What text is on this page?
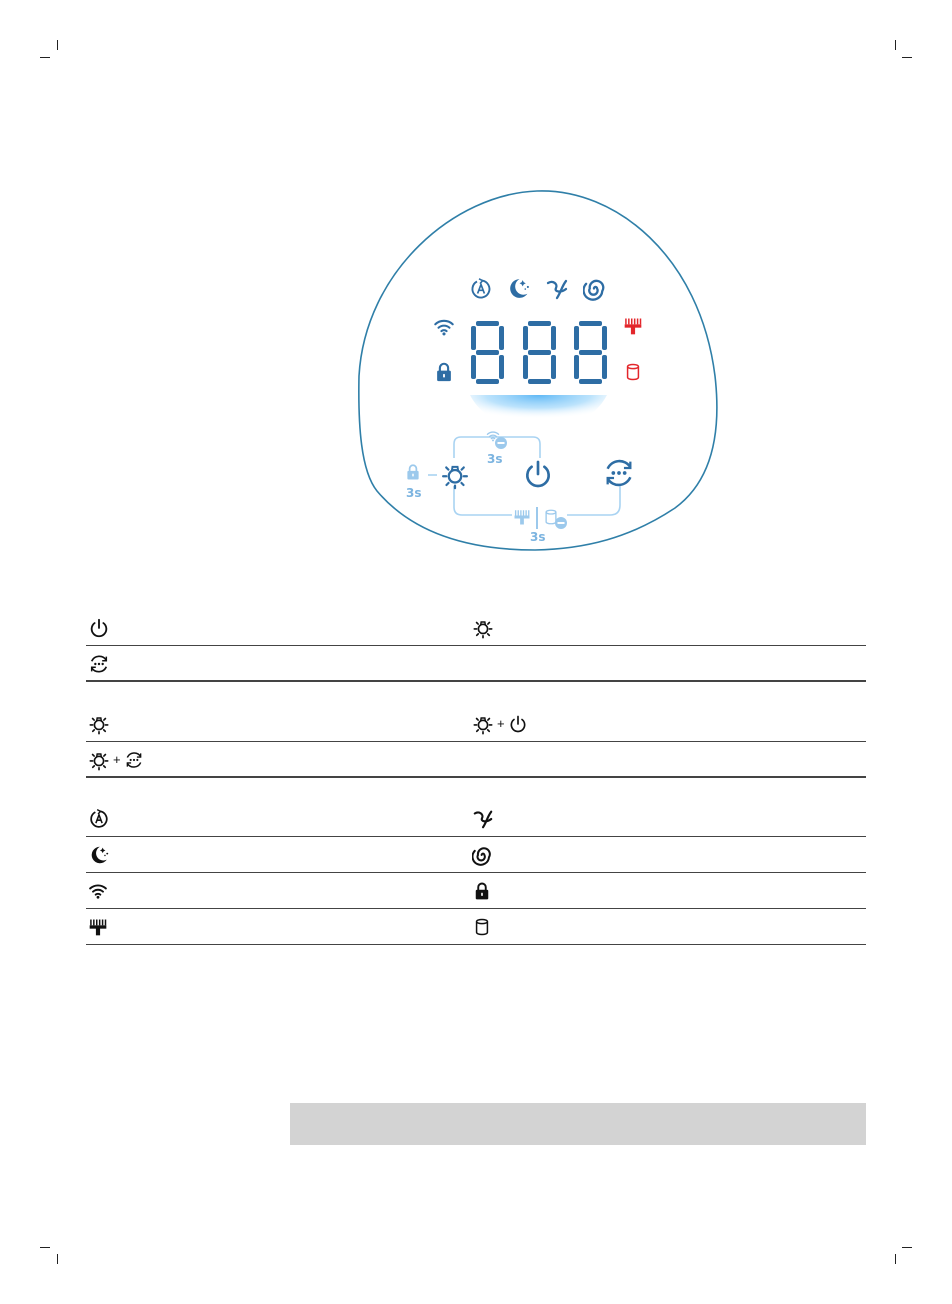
3s
3s
3s
+
+
